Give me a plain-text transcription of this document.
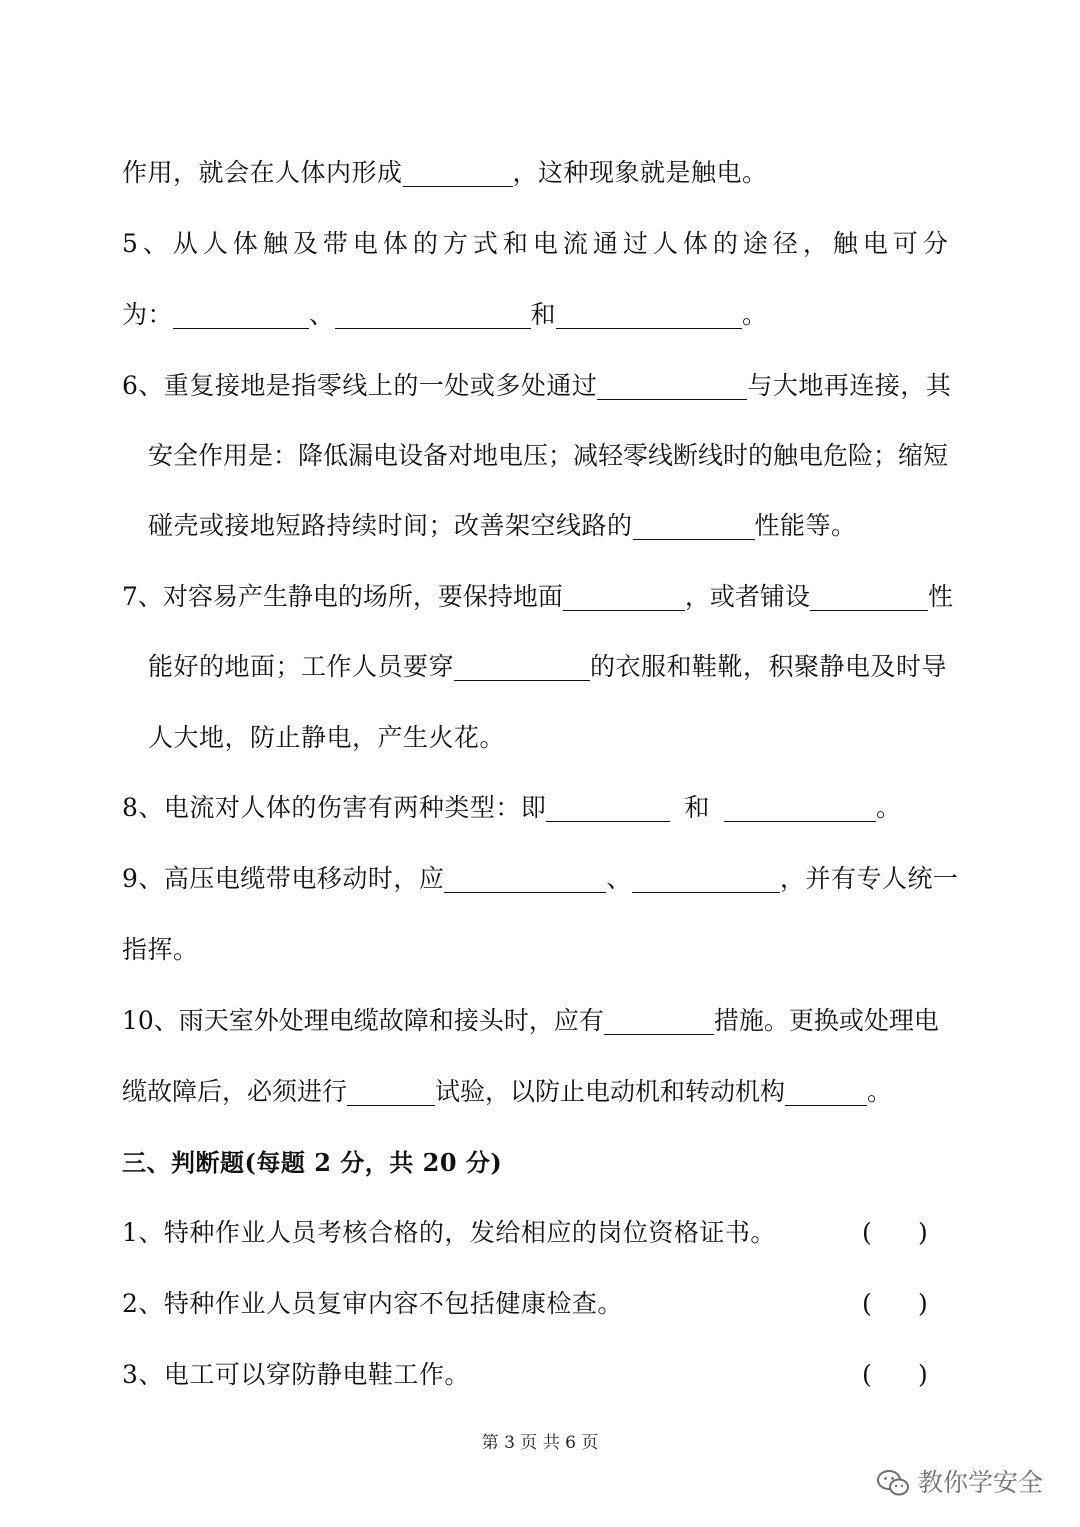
作用，就会在人体内形成	，这种现象就是触电。
5、从人体触及带电体的方式和电流通过人体的途径，触电可分
为：	、	和	。
6、重复接地是指零线上的一处或多处通过	与大地再连接，其
安全作用是：降低漏电设备对地电压；减轻零线断线时的触电危险；缩短
碰壳或接地短路持续时间；改善架空线路的	性能等。
7、对容易产生静电的场所，要保持地面	，或者铺设	性
能好的地面；工作人员要穿	的衣服和鞋靴，积聚静电及时导
人大地，防止静电，产生火花。
8、电流对人体的伤害有两种类型：即	和	。
9、高压电缆带电移动时，应	、	，并有专人统一
指挥。
10、雨天室外处理电缆故障和接头时，应有	措施。更换或处理电
缆故障后，必须进行	试验，以防止电动机和转动机构	。
三、判断题(每题 2 分，共 20 分)
1、特种作业人员考核合格的，发给相应的岗位资格证书。	( )
2、特种作业人员复审内容不包括健康检查。	( )
3、电工可以穿防静电鞋工作。	( )
第 3 页 共 6 页
教你学安全
